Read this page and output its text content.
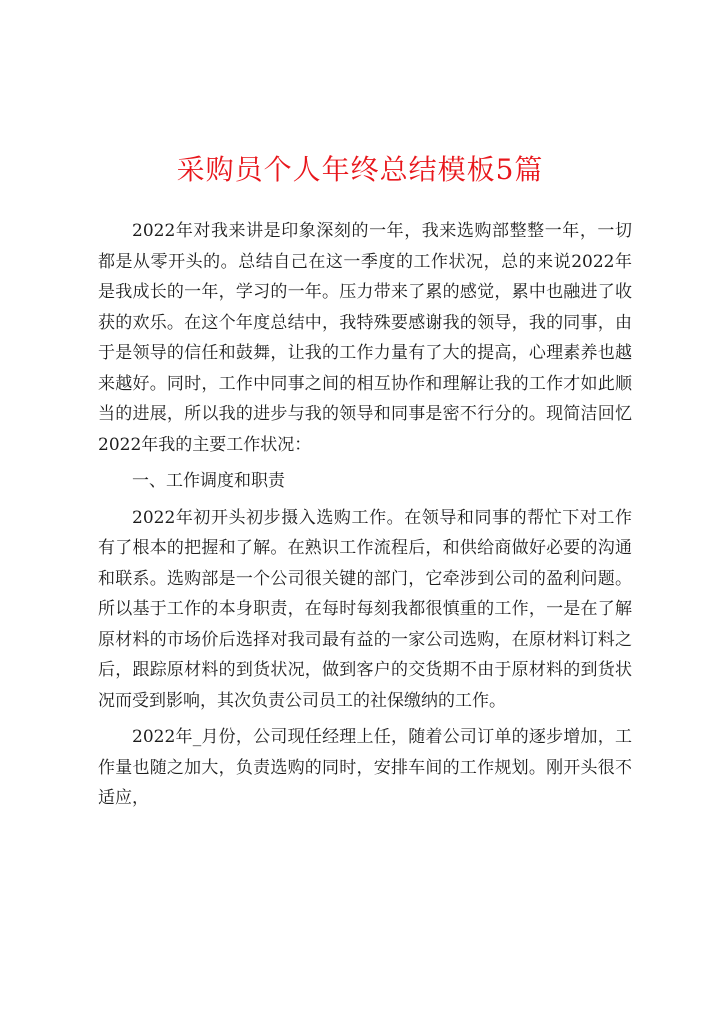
采购员个人年终总结模板5篇

2022年对我来讲是印象深刻的一年，我来选购部整整一年，一切都是从零开头的。总结自己在这一季度的工作状况，总的来说2022年是我成长的一年，学习的一年。压力带来了累的感觉，累中也融进了收获的欢乐。在这个年度总结中，我特殊要感谢我的领导，我的同事，由于是领导的信任和鼓舞，让我的工作力量有了大的提高，心理素养也越来越好。同时，工作中同事之间的相互协作和理解让我的工作才如此顺当的进展，所以我的进步与我的领导和同事是密不行分的。现简洁回忆2022年我的主要工作状况：

一、工作调度和职责

2022年初开头初步摄入选购工作。在领导和同事的帮忙下对工作有了根本的把握和了解。在熟识工作流程后，和供给商做好必要的沟通和联系。选购部是一个公司很关键的部门，它牵涉到公司的盈利问题。所以基于工作的本身职责，在每时每刻我都很慎重的工作，一是在了解原材料的市场价后选择对我司最有益的一家公司选购，在原材料订料之后，跟踪原材料的到货状况，做到客户的交货期不由于原材料的到货状况而受到影响，其次负责公司员工的社保缴纳的工作。

2022年_月份，公司现任经理上任，随着公司订单的逐步增加，工作量也随之加大，负责选购的同时，安排车间的工作规划。刚开头很不适应，
